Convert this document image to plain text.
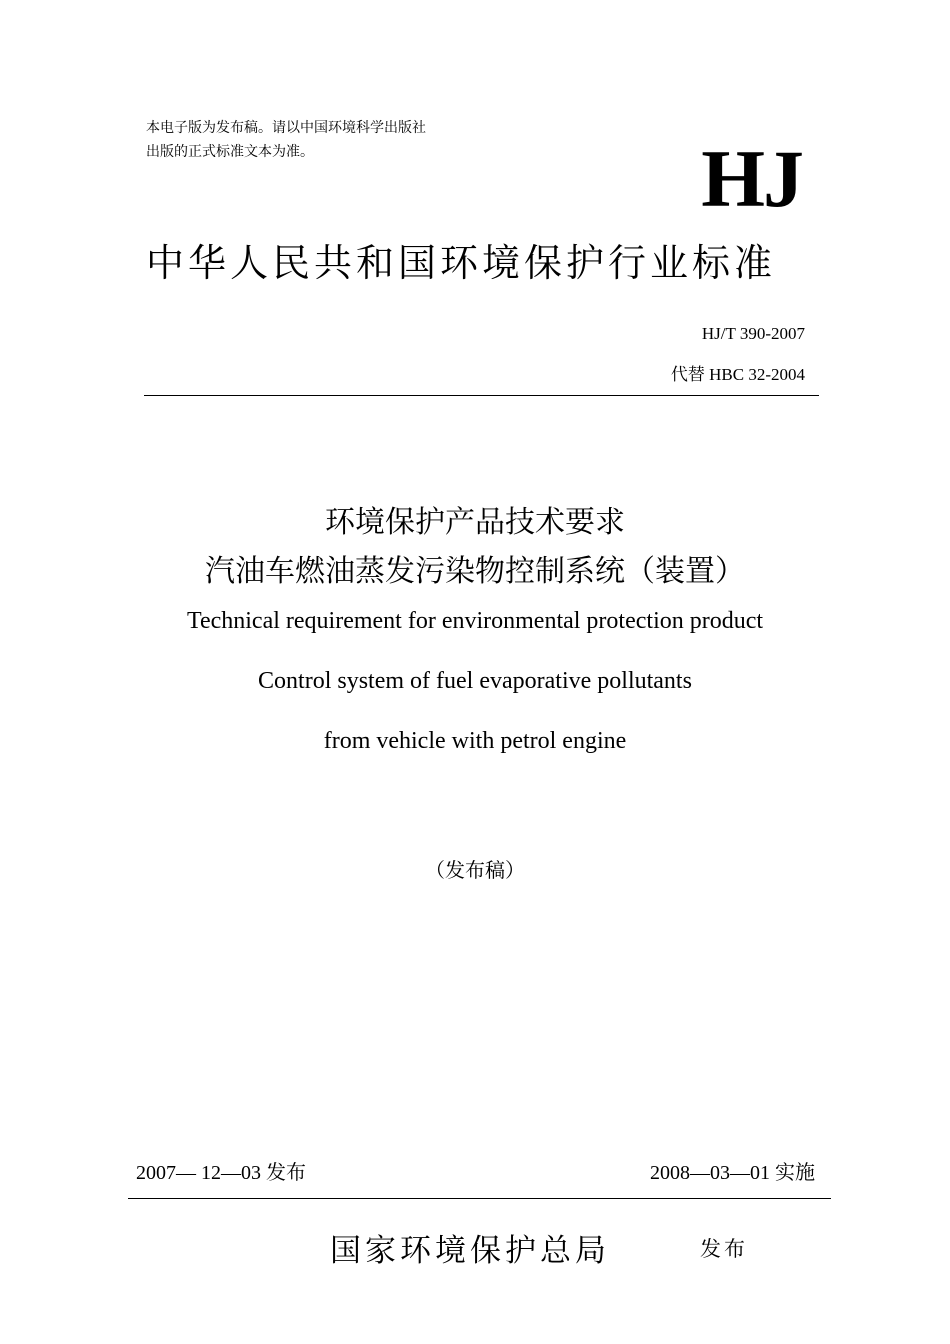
本电子版为发布稿。请以中国环境科学出版社
出版的正式标准文本为准。	HJ
中华人民共和国环境保护行业标准
HJ/T 390-2007
代替 HBC 32-2004
环境保护产品技术要求
汽油车燃油蒸发污染物控制系统（装置）
Technical requirement for environmental protection product
Control system of fuel evaporative pollutants
from vehicle with petrol engine
（发布稿）
2007— 12—03 发布	2008—03—01 实施
国家环境保护总局	发布
